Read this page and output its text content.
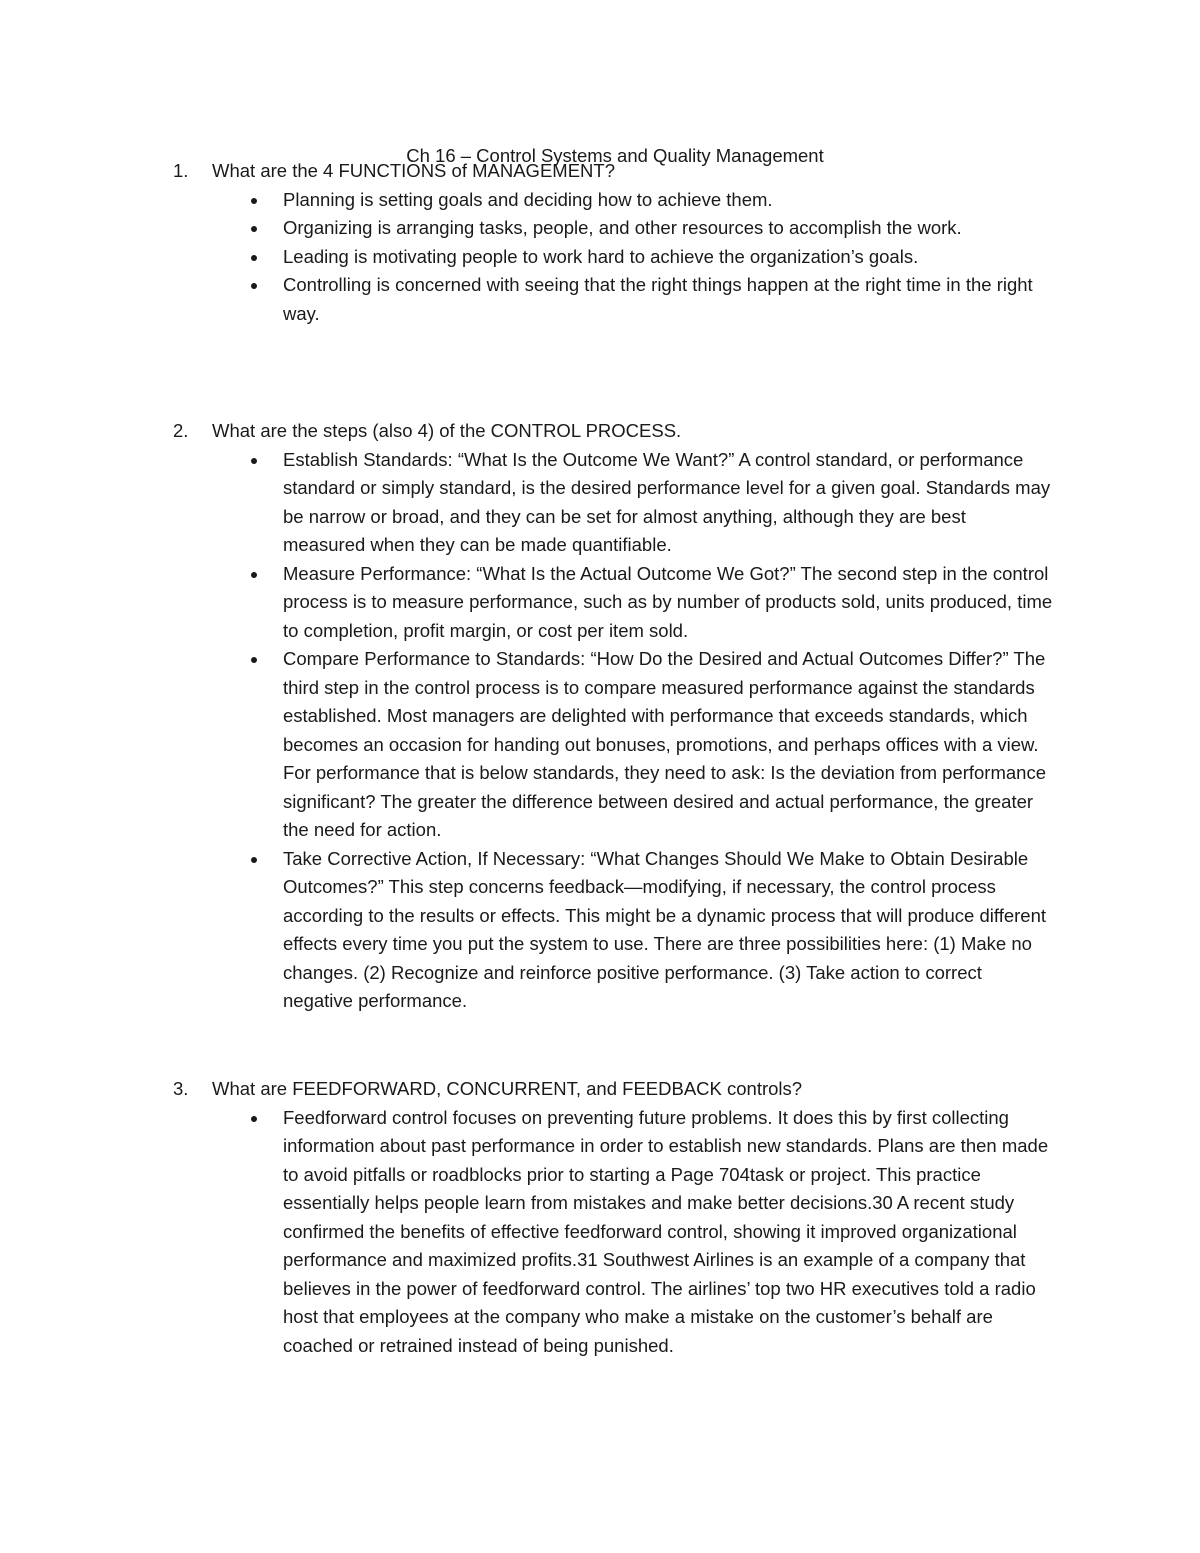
Ch 16 – Control Systems and Quality Management
1. What are the 4 FUNCTIONS of MANAGEMENT?
Planning is setting goals and deciding how to achieve them.
Organizing is arranging tasks, people, and other resources to accomplish the work.
Leading is motivating people to work hard to achieve the organization’s goals.
Controlling is concerned with seeing that the right things happen at the right time in the right way.
2. What are the steps (also 4) of the CONTROL PROCESS.
Establish Standards: “What Is the Outcome We Want?” A control standard, or performance standard or simply standard, is the desired performance level for a given goal. Standards may be narrow or broad, and they can be set for almost anything, although they are best measured when they can be made quantifiable.
Measure Performance: “What Is the Actual Outcome We Got?” The second step in the control process is to measure performance, such as by number of products sold, units produced, time to completion, profit margin, or cost per item sold.
Compare Performance to Standards: “How Do the Desired and Actual Outcomes Differ?” The third step in the control process is to compare measured performance against the standards established. Most managers are delighted with performance that exceeds standards, which becomes an occasion for handing out bonuses, promotions, and perhaps offices with a view. For performance that is below standards, they need to ask: Is the deviation from performance significant? The greater the difference between desired and actual performance, the greater the need for action.
Take Corrective Action, If Necessary: “What Changes Should We Make to Obtain Desirable Outcomes?” This step concerns feedback—modifying, if necessary, the control process according to the results or effects. This might be a dynamic process that will produce different effects every time you put the system to use. There are three possibilities here: (1) Make no changes. (2) Recognize and reinforce positive performance. (3) Take action to correct negative performance.
3. What are FEEDFORWARD, CONCURRENT, and FEEDBACK controls?
Feedforward control focuses on preventing future problems. It does this by first collecting information about past performance in order to establish new standards. Plans are then made to avoid pitfalls or roadblocks prior to starting a Page 704task or project. This practice essentially helps people learn from mistakes and make better decisions.30 A recent study confirmed the benefits of effective feedforward control, showing it improved organizational performance and maximized profits.31 Southwest Airlines is an example of a company that believes in the power of feedforward control. The airlines’ top two HR executives told a radio host that employees at the company who make a mistake on the customer’s behalf are coached or retrained instead of being punished.
